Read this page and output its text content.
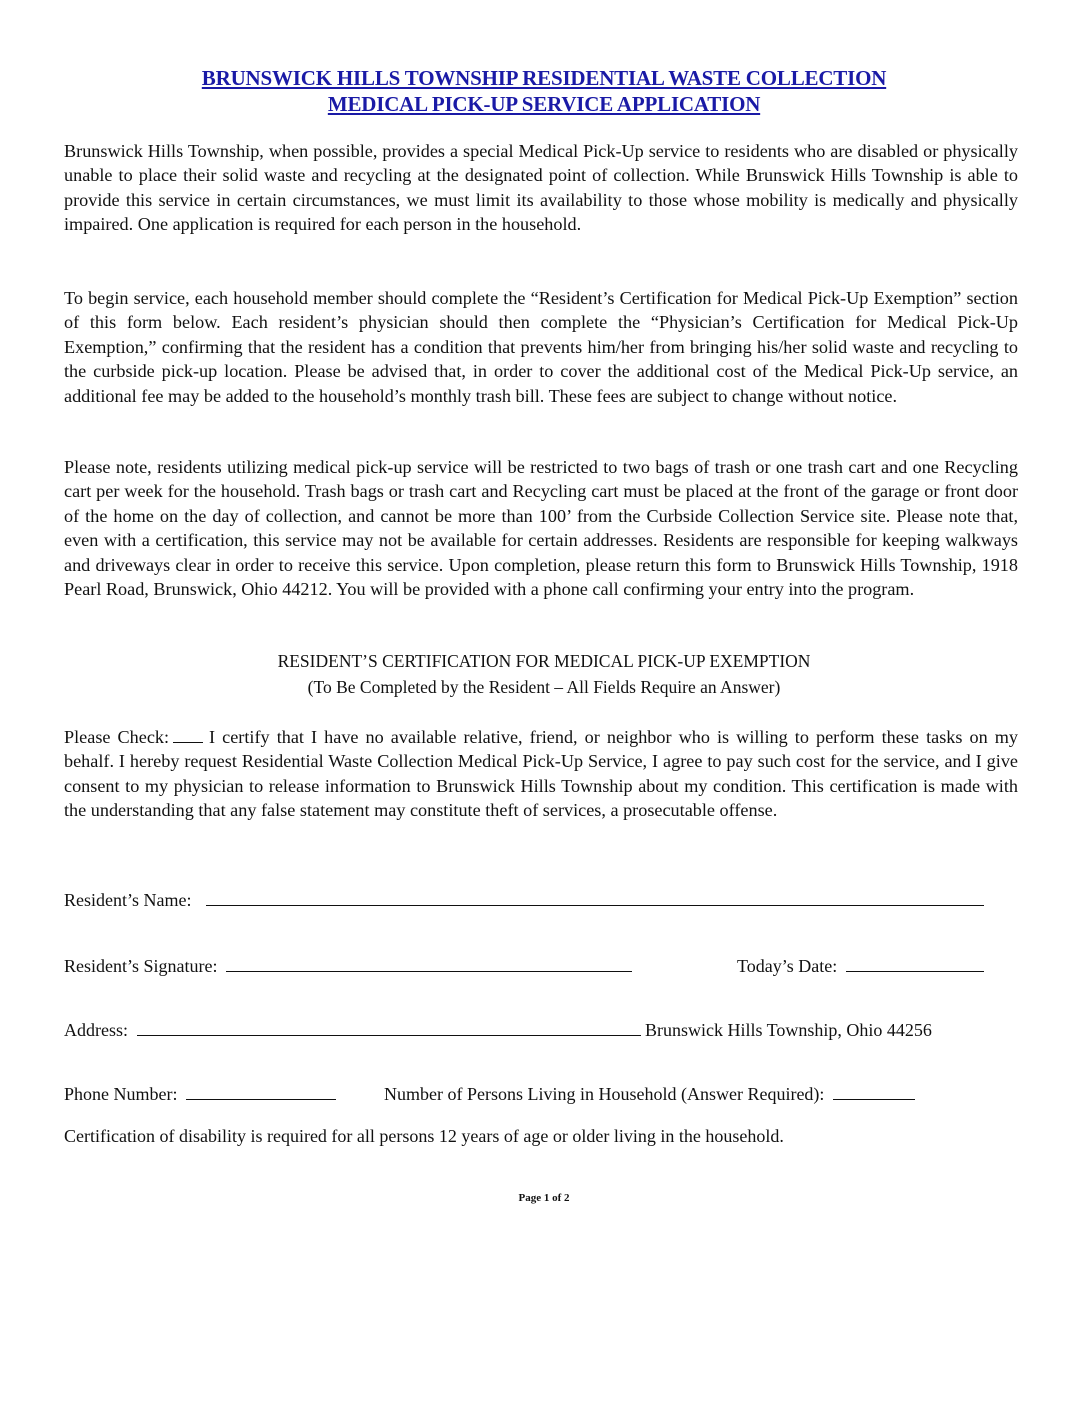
BRUNSWICK HILLS TOWNSHIP RESIDENTIAL WASTE COLLECTION
MEDICAL PICK-UP SERVICE APPLICATION

Brunswick Hills Township, when possible, provides a special Medical Pick-Up service to residents who are disabled or physically unable to place their solid waste and recycling at the designated point of collection. While Brunswick Hills Township is able to provide this service in certain circumstances, we must limit its availability to those whose mobility is medically and physically impaired. One application is required for each person in the household.

To begin service, each household member should complete the “Resident’s Certification for Medical Pick-Up Exemption” section of this form below. Each resident’s physician should then complete the “Physician’s Certification for Medical Pick-Up Exemption,” confirming that the resident has a condition that prevents him/her from bringing his/her solid waste and recycling to the curbside pick-up location. Please be advised that, in order to cover the additional cost of the Medical Pick-Up service, an additional fee may be added to the household’s monthly trash bill. These fees are subject to change without notice.

Please note, residents utilizing medical pick-up service will be restricted to two bags of trash or one trash cart and one Recycling cart per week for the household. Trash bags or trash cart and Recycling cart must be placed at the front of the garage or front door of the home on the day of collection, and cannot be more than 100’ from the Curbside Collection Service site. Please note that, even with a certification, this service may not be available for certain addresses. Residents are responsible for keeping walkways and driveways clear in order to receive this service. Upon completion, please return this form to Brunswick Hills Township, 1918 Pearl Road, Brunswick, Ohio 44212. You will be provided with a phone call confirming your entry into the program.

RESIDENT’S CERTIFICATION FOR MEDICAL PICK-UP EXEMPTION
(To Be Completed by the Resident – All Fields Require an Answer)

Please Check: I certify that I have no available relative, friend, or neighbor who is willing to perform these tasks on my behalf. I hereby request Residential Waste Collection Medical Pick-Up Service, I agree to pay such cost for the service, and I give consent to my physician to release information to Brunswick Hills Township about my condition. This certification is made with the understanding that any false statement may constitute theft of services, a prosecutable offense.

Resident’s Name:
Resident’s Signature:	Today’s Date:
Address:	Brunswick Hills Township, Ohio 44256
Phone Number:	Number of Persons Living in Household (Answer Required):
Certification of disability is required for all persons 12 years of age or older living in the household.
Page 1 of 2
